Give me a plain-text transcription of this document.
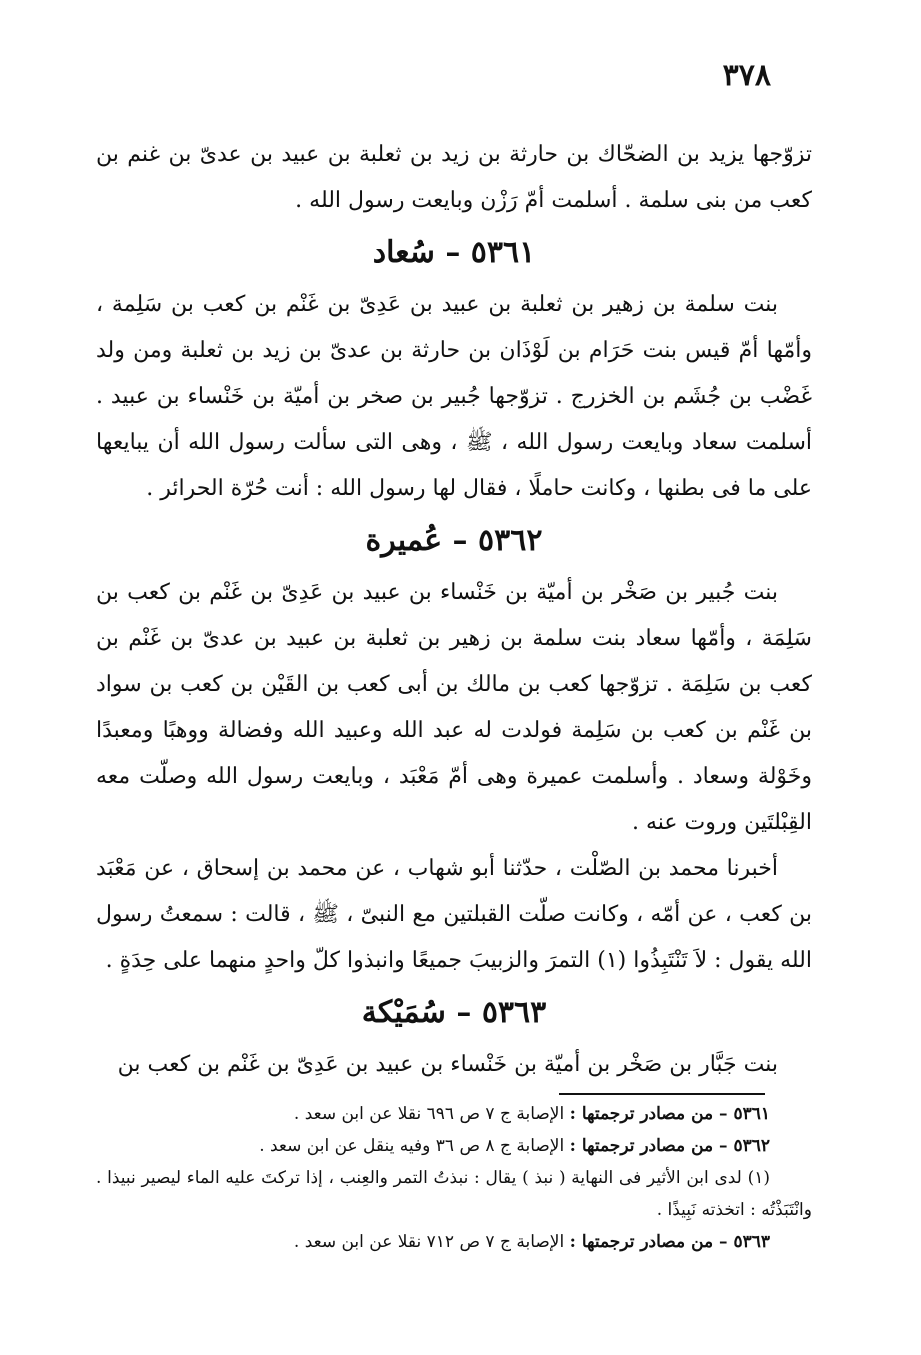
٣٧٨

تزوّجها يزيد بن الضحّاك بن حارثة بن زيد بن ثعلبة بن عبيد بن عدىّ بن غنم بن كعب من بنى سلمة . أسلمت أمّ رَزْن وبايعت رسول الله .

٥٣٦١ – سُعاد

بنت سلمة بن زهير بن ثعلبة بن عبيد بن عَدِىّ بن غَنْم بن كعب بن سَلِمة ، وأمّها أمّ قيس بنت حَرَام بن لَوْذَان بن حارثة بن عدىّ بن زيد بن ثعلبة ومن ولد غَضْب بن جُشَم بن الخزرج . تزوّجها جُبير بن صخر بن أميّة بن خَنْساء بن عبيد . أسلمت سعاد وبايعت رسول الله ، ﷺ ، وهى التى سألت رسول الله أن يبايعها على ما فى بطنها ، وكانت حاملًا ، فقال لها رسول الله : أنت حُرّة الحرائر .

٥٣٦٢ – عُميرة

بنت جُبير بن صَخْر بن أميّة بن خَنْساء بن عبيد بن عَدِىّ بن غَنْم بن كعب بن سَلِمَة ، وأمّها سعاد بنت سلمة بن زهير بن ثعلبة بن عبيد بن عدىّ بن غَنْم بن كعب بن سَلِمَة . تزوّجها كعب بن مالك بن أبى كعب بن القَيْن بن كعب بن سواد بن غَنْم بن كعب بن سَلِمة فولدت له عبد الله وعبيد الله وفضالة ووهبًا ومعبدًا وخَوْلة وسعاد . وأسلمت عميرة وهى أمّ مَعْبَد ، وبايعت رسول الله وصلّت معه القِبْلتَين وروت عنه .

أخبرنا محمد بن الصّلْت ، حدّثنا أبو شهاب ، عن محمد بن إسحاق ، عن مَعْبَد بن كعب ، عن أمّه ، وكانت صلّت القبلتين مع النبىّ ، ﷺ ، قالت : سمعتُ رسول الله يقول : لاَ تَنْتَبِذُوا (١) التمرَ والزبيبَ جميعًا وانبذوا كلّ واحدٍ منهما على حِدَةٍ .

٥٣٦٣ – سُمَيْكة

بنت جَبَّار بن صَخْر بن أميّة بن خَنْساء بن عبيد بن عَدِىّ بن غَنْم بن كعب بن

٥٣٦١ – من مصادر ترجمتها : الإصابة ج ٧ ص ٦٩٦ نقلا عن ابن سعد .

٥٣٦٢ – من مصادر ترجمتها : الإصابة ج ٨ ص ٣٦ وفيه ينقل عن ابن سعد .

(١) لدى ابن الأثير فى النهاية ( نبذ ) يقال : نبذتُ التمر والعِنب ، إذا تركتَ عليه الماء ليصير نبيذا . وانْتَبَذْتُه : اتخذته نَبِيذًا .

٥٣٦٣ – من مصادر ترجمتها : الإصابة ج ٧ ص ٧١٢ نقلا عن ابن سعد .
